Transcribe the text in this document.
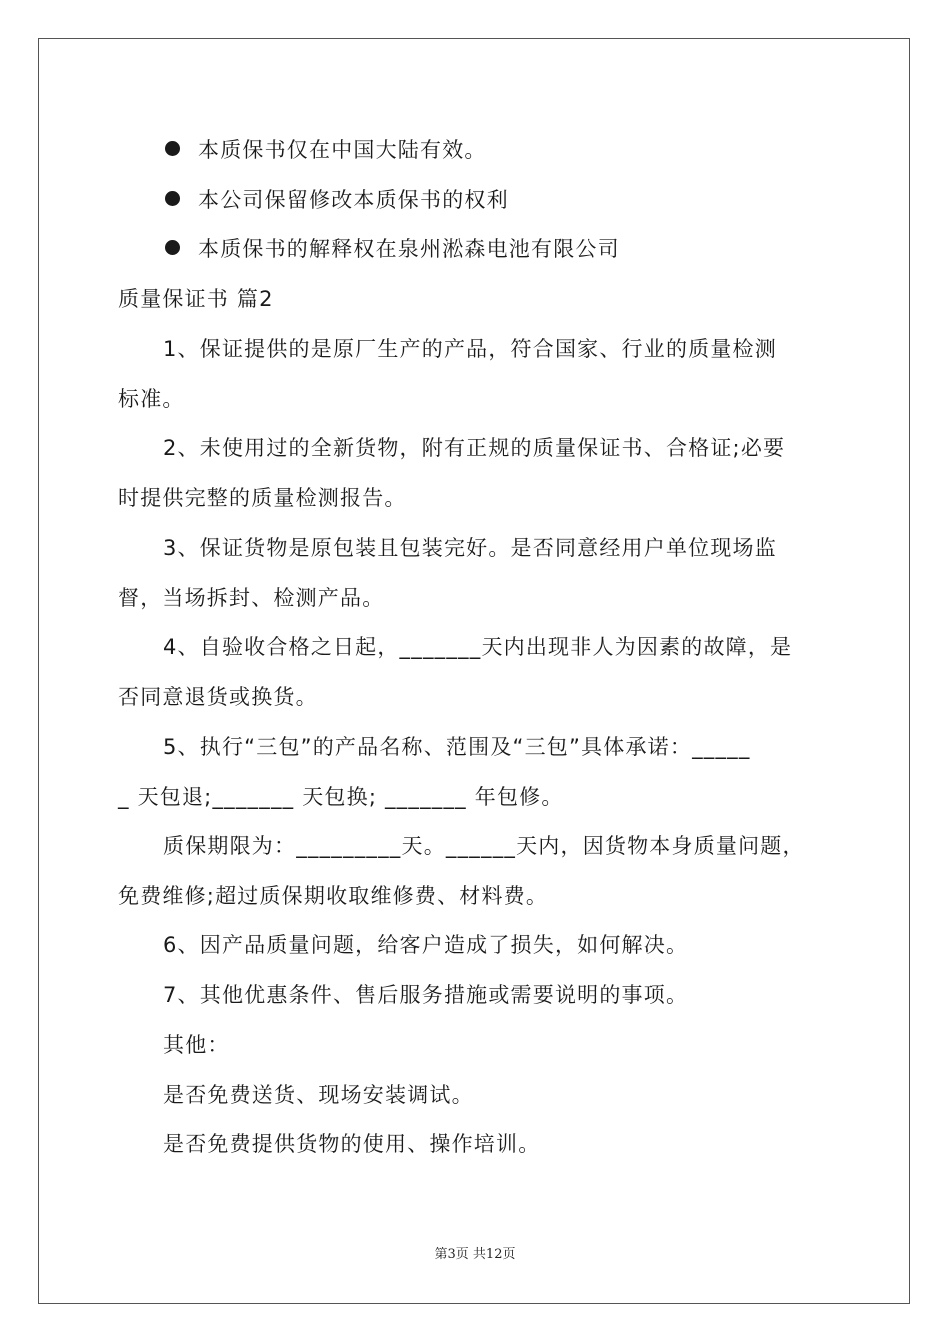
本质保书仅在中国大陆有效。
本公司保留修改本质保书的权利
本质保书的解释权在泉州淞森电池有限公司
质量保证书 篇2
1、保证提供的是原厂生产的产品，符合国家、行业的质量检测
标准。
2、未使用过的全新货物，附有正规的质量保证书、合格证;必要
时提供完整的质量检测报告。
3、保证货物是原包装且包装完好。是否同意经用户单位现场监
督，当场拆封、检测产品。
4、自验收合格之日起，_______天内出现非人为因素的故障，是
否同意退货或换货。
5、执行“三包”的产品名称、范围及“三包”具体承诺：_____
_ 天包退;_______ 天包换; _______ 年包修。
质保期限为：_________天。______天内，因货物本身质量问题，
免费维修;超过质保期收取维修费、材料费。
6、因产品质量问题，给客户造成了损失，如何解决。
7、其他优惠条件、售后服务措施或需要说明的事项。
其他：
是否免费送货、现场安装调试。
是否免费提供货物的使用、操作培训。
第3页 共12页
